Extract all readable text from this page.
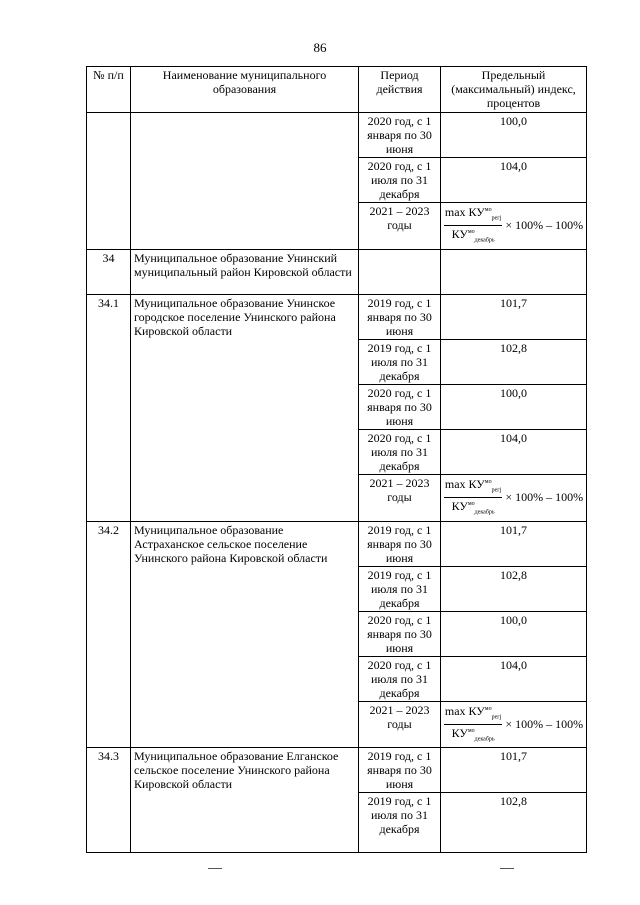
86
№ п/п	Наименование муниципального образования	Период действия	Предельный (максимальный) индекс, процентов
		2020 год, с 1 января по 30 июня	100,0
		2020 год, с 1 июля по 31 декабря	104,0
		2021 – 2023 годы	$\frac{\max КУ^{мо}_{регj}}{КУ^{мо}_{декабрь}} \times 100\% - 100\%$

34	Муниципальное образование Унинский муниципальный район Кировской области		
34.1	Муниципальное образование Унинское городское поселение Унинского района Кировской области	2019 год, с 1 января по 30 июня	101,7
		2019 год, с 1 июля по 31 декабря	102,8
		2020 год, с 1 января по 30 июня	100,0
		2020 год, с 1 июля по 31 декабря	104,0
		2021 – 2023 годы	$\frac{\max КУ^{мо}_{регj}}{КУ^{мо}_{декабрь}} \times 100\% - 100\%$

34.2	Муниципальное образование Астраханское сельское поселение Унинского района Кировской области	2019 год, с 1 января по 30 июня	101,7
		2019 год, с 1 июля по 31 декабря	102,8
		2020 год, с 1 января по 30 июня	100,0
		2020 год, с 1 июля по 31 декабря	104,0
		2021 – 2023 годы	$\frac{\max КУ^{мо}_{регj}}{КУ^{мо}_{декабрь}} \times 100\% - 100\%$

34.3	Муниципальное образование Елганское сельское поселение Унинского района Кировской области	2019 год, с 1 января по 30 июня	101,7
		2019 год, с 1 июля по 31 декабря	102,8
